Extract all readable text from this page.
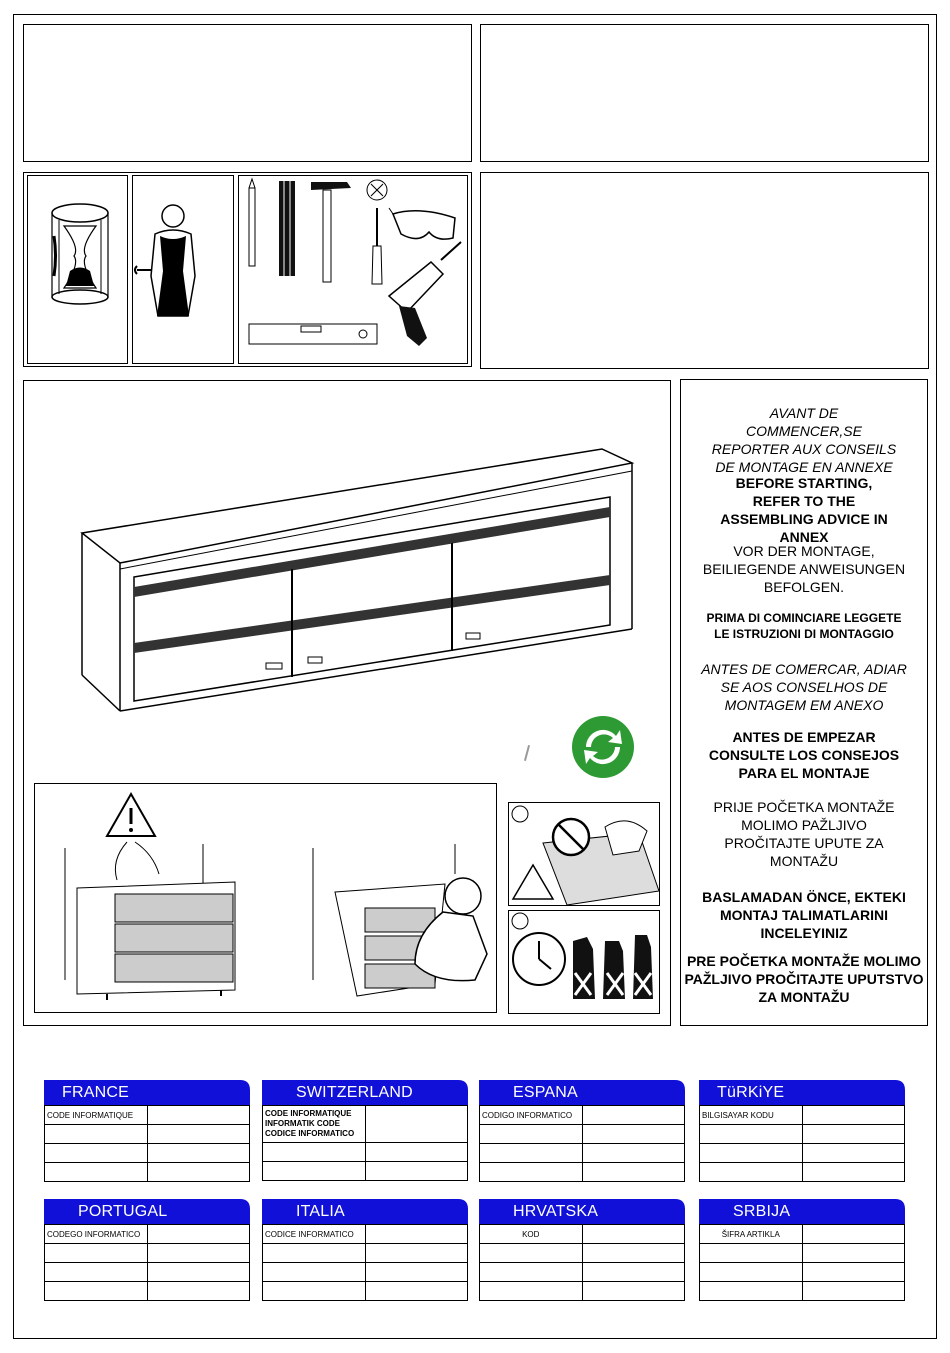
AVANT DE COMMENCER,SE REPORTER AUX CONSEILS DE MONTAGE EN ANNEXE
BEFORE STARTING, REFER TO THE ASSEMBLING ADVICE IN ANNEX
VOR DER MONTAGE, BEILIEGENDE ANWEISUNGEN BEFOLGEN.
PRIMA DI COMINCIARE LEGGETE LE ISTRUZIONI DI MONTAGGIO
ANTES DE COMERCAR, ADIAR SE AOS CONSELHOS DE MONTAGEM EM ANEXO
ANTES DE EMPEZAR CONSULTE LOS CONSEJOS PARA EL MONTAJE
PRIJE POČETKA MONTAŽE MOLIMO PAŽLJIVO PROČITAJTE UPUTE ZA MONTAŽU
BASLAMADAN ÖNCE, EKTEKI MONTAJ TALIMATLARINI INCELEYINIZ
PRE POČETKA MONTAŽE MOLIMO PAŽLJIVO PROČITAJTE UPUTSTVO ZA MONTAŽU
FRANCE
CODE INFORMATIQUE	

SWITZERLAND
CODE INFORMATIQUE
INFORMATIK CODE
CODICE INFORMATICO	

ESPANA
CODIGO INFORMATICO	

TüRKiYE
BILGISAYAR KODU	

PORTUGAL
CODEGO INFORMATICO	

ITALIA
CODICE INFORMATICO	

HRVATSKA
KOD	

SRBIJA
ŠIFRA ARTIKLA	
